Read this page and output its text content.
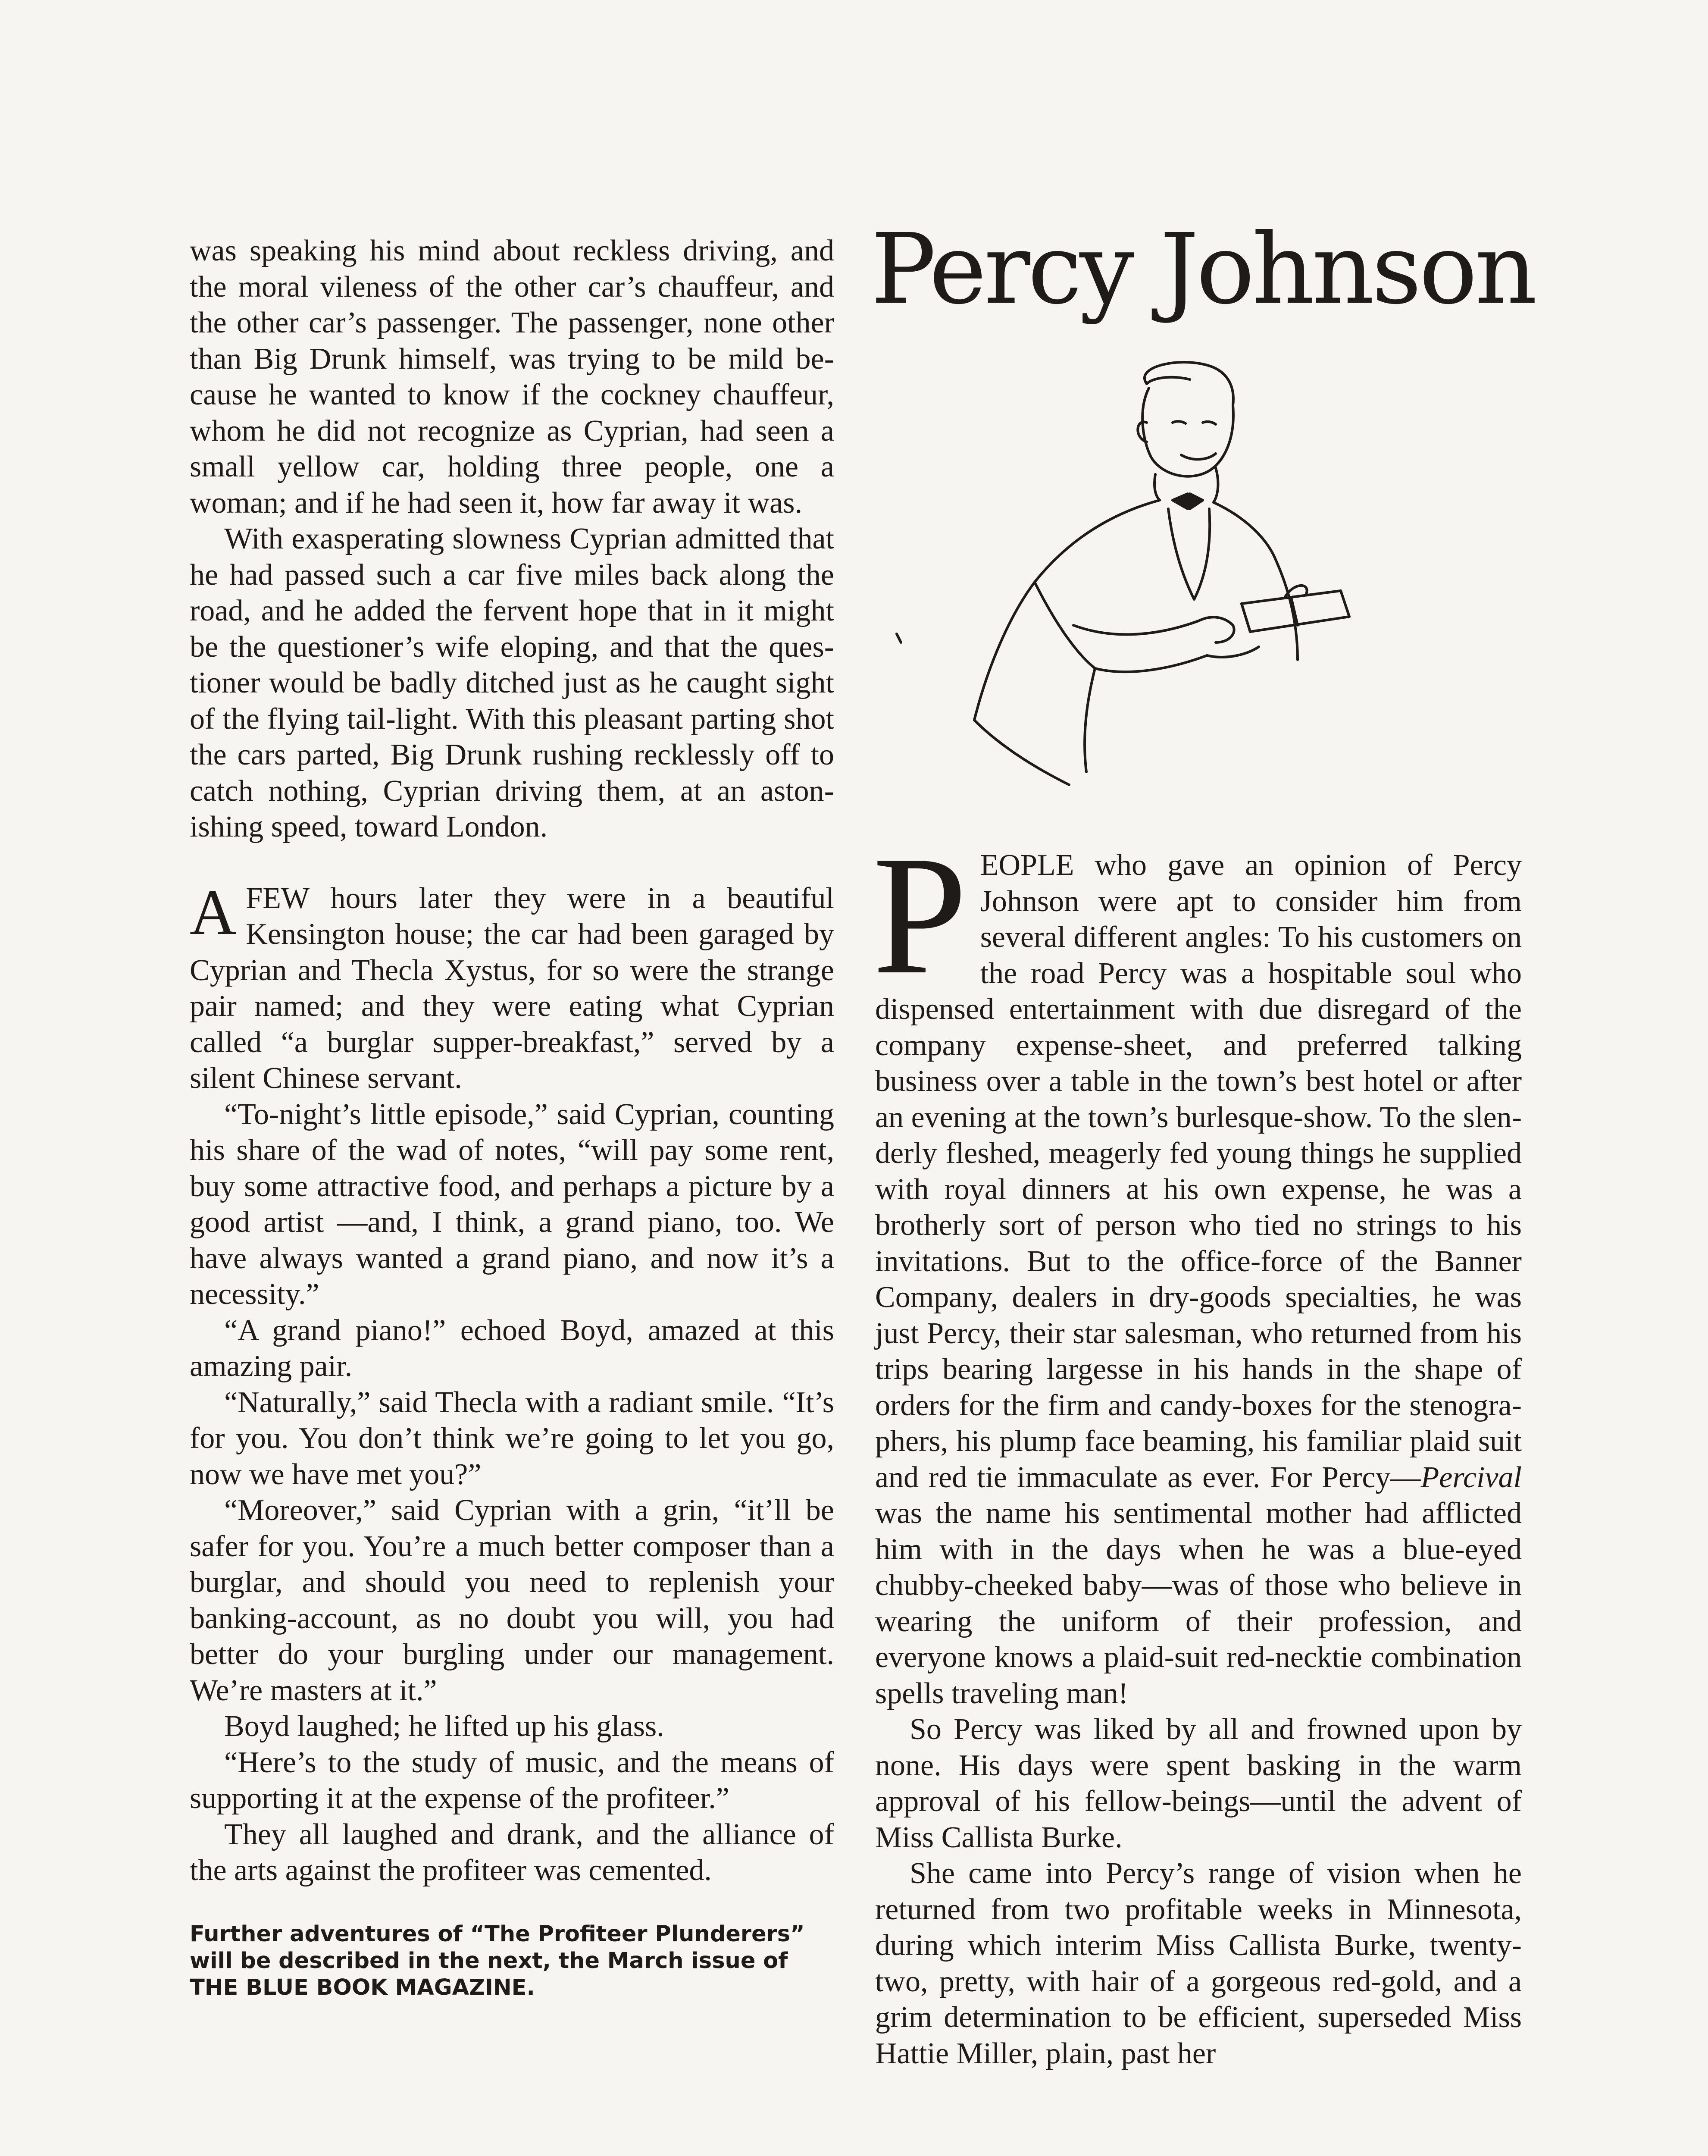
was speaking his mind about reckless driving, and the moral vileness of the other car’s chauffeur, and the other car’s passenger. The passenger, none other than Big Drunk himself, was trying to be mild because he wanted to know if the cockney chauffeur, whom he did not recognize as Cyprian, had seen a small yellow car, holding three people, one a woman; and if he had seen it, how far away it was.

With exasperating slowness Cyprian admitted that he had passed such a car five miles back along the road, and he added the fervent hope that in it might be the questioner’s wife eloping, and that the questioner would be badly ditched just as he caught sight of the flying tail-light. With this pleasant parting shot the cars parted, Big Drunk rushing recklessly off to catch nothing, Cyprian driving them, at an astonishing speed, toward London.

AFEW hours later they were in a beautiful Kensington house; the car had been garaged by Cyprian and Thecla Xystus, for so were the strange pair named; and they were eating what Cyprian called “a burglar supper-breakfast,” served by a silent Chinese servant.

“To-night’s little episode,” said Cyprian, counting his share of the wad of notes, “will pay some rent, buy some attractive food, and perhaps a picture by a good artist —and, I think, a grand piano, too. We have always wanted a grand piano, and now it’s a necessity.”

“A grand piano!” echoed Boyd, amazed at this amazing pair.

“Naturally,” said Thecla with a radiant smile. “It’s for you. You don’t think we’re going to let you go, now we have met you?”

“Moreover,” said Cyprian with a grin, “it’ll be safer for you. You’re a much better composer than a burglar, and should you need to replenish your banking-account, as no doubt you will, you had better do your burgling under our management. We’re masters at it.”

Boyd laughed; he lifted up his glass.

“Here’s to the study of music, and the means of supporting it at the expense of the profiteer.”

They all laughed and drank, and the alliance of the arts against the profiteer was cemented.

Further adventures of “The Profiteer Plunderers” will be described in the next, the March issue of THE BLUE BOOK MAGAZINE.

Percy Johnson

PEOPLE who gave an opinion of Percy Johnson were apt to consider him from several different angles: To his customers on the road Percy was a hospitable soul who dispensed entertainment with due disregard of the company expense-sheet, and preferred talking business over a table in the town’s best hotel or after an evening at the town’s burlesque-show. To the slenderly fleshed, meagerly fed young things he supplied with royal dinners at his own expense, he was a brotherly sort of person who tied no strings to his invitations. But to the office-force of the Banner Company, dealers in dry-goods specialties, he was just Percy, their star salesman, who returned from his trips bearing largesse in his hands in the shape of orders for the firm and candy-boxes for the stenographers, his plump face beaming, his familiar plaid suit and red tie immaculate as ever. For Percy—Percival was the name his sentimental mother had afflicted him with in the days when he was a blue-eyed chubby-cheeked baby—was of those who believe in wearing the uniform of their profession, and everyone knows a plaid-suit red-necktie combination spells traveling man!

So Percy was liked by all and frowned upon by none. His days were spent basking in the warm approval of his fellow-beings—until the advent of Miss Callista Burke.

She came into Percy’s range of vision when he returned from two profitable weeks in Minnesota, during which interim Miss Callista Burke, twenty-two, pretty, with hair of a gorgeous red-gold, and a grim determination to be efficient, superseded Miss Hattie Miller, plain, past her
